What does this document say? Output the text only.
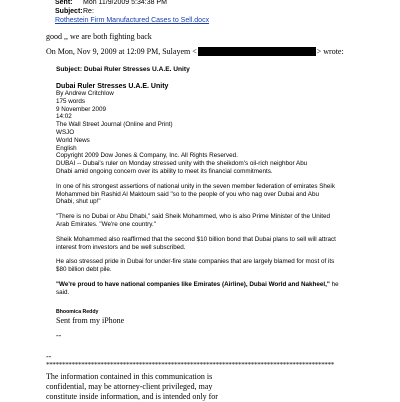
Sent: Mon 11/9/2009 5:34:38 PM
Subject:Re:
Rothestein Firm Manufactured Cases to Sell.docx
good ,, we are both fighting back
On Mon, Nov 9, 2009 at 12:09 PM, Sulayem <	> wrote:
Subject: Dubai Ruler Stresses U.A.E. Unity
Dubai Ruler Stresses U.A.E. Unity
By Andrew Critchlow
175 words
9 November 2009
14:02
The Wall Street Journal (Online and Print)
WSJO
World News
English
Copyright 2009 Dow Jones & Company, Inc. All Rights Reserved.
DUBAI -- Dubai's ruler on Monday stressed unity with the sheikdom's oil-rich neighbor Abu
Dhabi amid ongoing concern over its ability to meet its financial commitments.
In one of his strongest assertions of national unity in the seven member federation of emirates Sheik
Mohammed bin Rashid Al Maktoum said "so to the people of you who nag over Dubai and Abu
Dhabi, shut up!"
"There is no Dubai or Abu Dhabi," said Sheik Mohammed, who is also Prime Minister of the United
Arab Emirates. "We're one country."
Sheik Mohammed also reaffirmed that the second $10 billion bond that Dubai plans to sell will attract
interest from investors and be well subscribed.
He also stressed pride in Dubai for under-fire state companies that are largely blamed for most of its
$80 billion debt pile.
"We're proud to have national companies like Emirates (Airline), Dubai World and Nakheel," he
said.
Bhoomica Reddy
Sent from my iPhone
--
--
******************************************************************************************
The information contained in this communication is
confidential, may be attorney-client privileged, may
constitute inside information, and is intended only for
